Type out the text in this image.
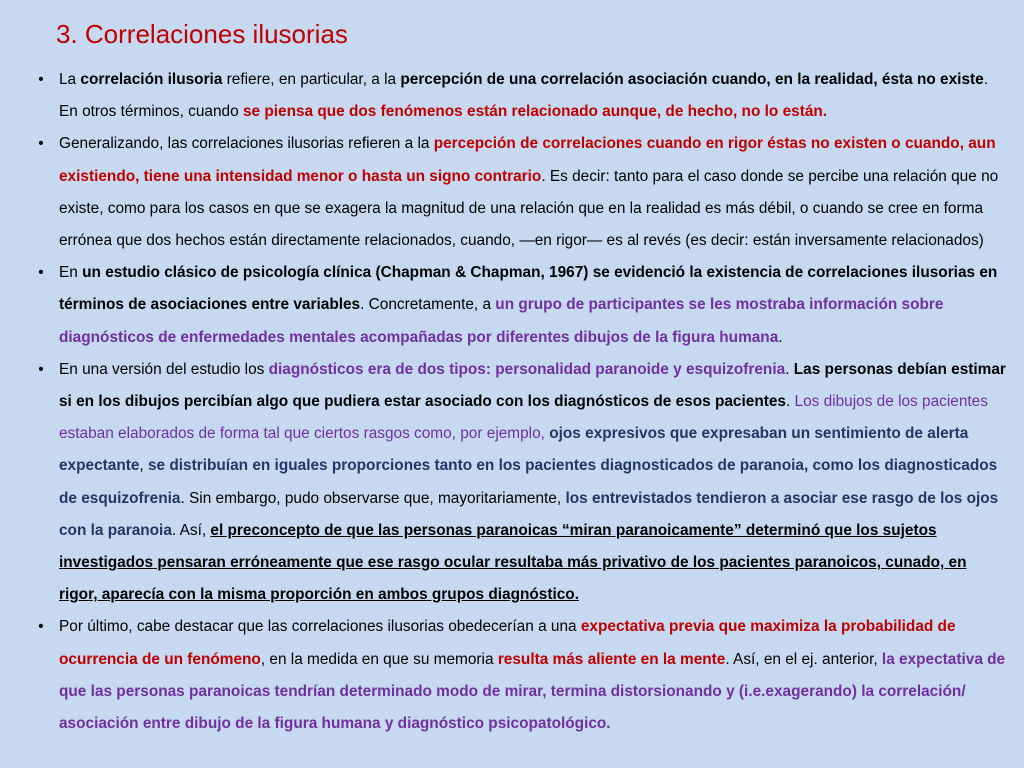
3. Correlaciones ilusorias
• La correlación ilusoria refiere, en particular, a la percepción de una correlación asociación cuando, en la realidad, ésta no existe. En otros términos, cuando se piensa que dos fenómenos están relacionado aunque, de hecho, no lo están.
• Generalizando, las correlaciones ilusorias refieren a la percepción de correlaciones cuando en rigor éstas no existen o cuando, aun existiendo, tiene una intensidad menor o hasta un signo contrario. Es decir: tanto para el caso donde se percibe una relación que no existe, como para los casos en que se exagera la magnitud de una relación que en la realidad es más débil, o cuando se cree en forma errónea que dos hechos están directamente relacionados, cuando, —en rigor— es al revés (es decir: están inversamente relacionados)
• En un estudio clásico de psicología clínica (Chapman & Chapman, 1967) se evidenció la existencia de correlaciones ilusorias en términos de asociaciones entre variables. Concretamente, a un grupo de participantes se les mostraba información sobre diagnósticos de enfermedades mentales acompañadas por diferentes dibujos de la figura humana.
• En una versión del estudio los diagnósticos era de dos tipos: personalidad paranoide y esquizofrenia. Las personas debían estimar si en los dibujos percibían algo que pudiera estar asociado con los diagnósticos de esos pacientes. Los dibujos de los pacientes estaban elaborados de forma tal que ciertos rasgos como, por ejemplo, ojos expresivos que expresaban un sentimiento de alerta expectante, se distribuían en iguales proporciones tanto en los pacientes diagnosticados de paranoia, como los diagnosticados de esquizofrenia. Sin embargo, pudo observarse que, mayoritariamente, los entrevistados tendieron a asociar ese rasgo de los ojos con la paranoia. Así, el preconcepto de que las personas paranoicas “miran paranoicamente” determinó que los sujetos investigados pensaran erróneamente que ese rasgo ocular resultaba más privativo de los pacientes paranoicos, cunado, en rigor, aparecía con la misma proporción en ambos grupos diagnóstico.
• Por último, cabe destacar que las correlaciones ilusorias obedecerían a una expectativa previa que maximiza la probabilidad de ocurrencia de un fenómeno, en la medida en que su memoria resulta más aliente en la mente. Así, en el ej. anterior, la expectativa de que las personas paranoicas tendrían determinado modo de mirar, termina distorsionando y (i.e.exagerando) la correlación/ asociación entre dibujo de la figura humana y diagnóstico psicopatológico.
